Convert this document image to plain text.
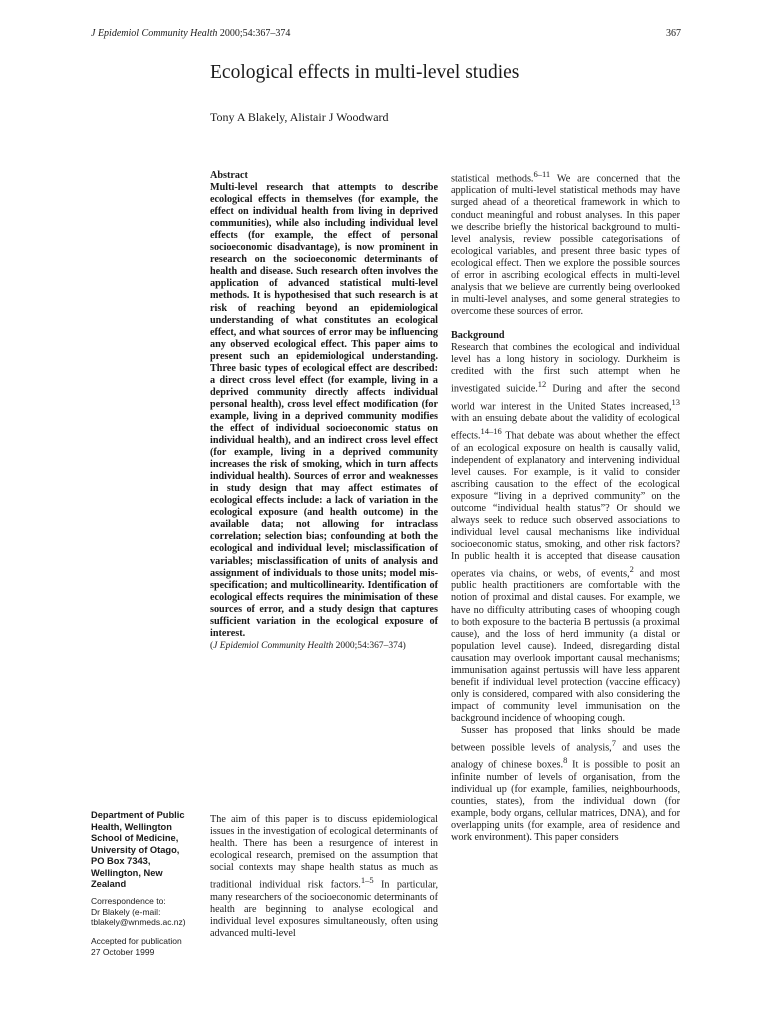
J Epidemiol Community Health 2000;54:367–374	367
Ecological effects in multi-level studies
Tony A Blakely, Alistair J Woodward

Abstract

Multi-level research that attempts to describe ecological effects in themselves (for example, the effect on individual health from living in deprived communities), while also including individual level effects (for example, the effect of personal socioeconomic disadvantage), is now prominent in research on the socioeconomic determinants of health and disease. Such research often involves the application of advanced statistical multi-level methods. It is hypothesised that such research is at risk of reaching beyond an epidemiological understanding of what constitutes an ecological effect, and what sources of error may be influencing any observed ecological effect. This paper aims to present such an epidemiological understanding. Three basic types of ecological effect are described: a direct cross level effect (for example, living in a deprived community directly affects individual personal health), cross level effect modification (for example, living in a deprived community modifies the effect of individual socioeconomic status on individual health), and an indirect cross level effect (for example, living in a deprived community increases the risk of smoking, which in turn affects individual health). Sources of error and weaknesses in study design that may affect estimates of ecological effects include: a lack of variation in the ecological exposure (and health outcome) in the available data; not allowing for intraclass correlation; selection bias; confounding at both the ecological and individual level; misclassification of variables; misclassification of units of analysis and assignment of individuals to those units; model mis-specification; and multicollinearity. Identification of ecological effects requires the minimisation of these sources of error, and a study design that captures sufficient variation in the ecological exposure of interest.

(J Epidemiol Community Health 2000;54:367–374)

Department of Public
Health, Wellington
School of Medicine,
University of Otago,
PO Box 7343,
Wellington, New
Zealand
Correspondence to:
Dr Blakely (e-mail:
tblakely@wnmeds.ac.nz)
Accepted for publication
27 October 1999

The aim of this paper is to discuss epidemiological issues in the investigation of ecological determinants of health. There has been a resurgence of interest in ecological research, premised on the assumption that social contexts may shape health status as much as traditional individual risk factors.$^{1-5}$ In particular, many researchers of the socioeconomic determinants of health are beginning to analyse ecological and individual level exposures simultaneously, often using advanced multi-level

statistical methods.$^{6-11}$ We are concerned that the application of multi-level statistical methods may have surged ahead of a theoretical framework in which to conduct meaningful and robust analyses. In this paper we describe briefly the historical background to multi-level analysis, review possible categorisations of ecological variables, and present three basic types of ecological effect. Then we explore the possible sources of error in ascribing ecological effects in multi-level analysis that we believe are currently being overlooked in multi-level analyses, and some general strategies to overcome these sources of error.

Background

Research that combines the ecological and individual level has a long history in sociology. Durkheim is credited with the first such attempt when he investigated suicide.$^{12}$ During and after the second world war interest in the United States increased,$^{13}$ with an ensuing debate about the validity of ecological effects.$^{14-16}$ That debate was about whether the effect of an ecological exposure on health is causally valid, independent of explanatory and intervening individual level causes. For example, is it valid to consider ascribing causation to the effect of the ecological exposure “living in a deprived community” on the outcome “individual health status”? Or should we always seek to reduce such observed associations to individual level causal mechanisms like individual socioeconomic status, smoking, and other risk factors? In public health it is accepted that disease causation operates via chains, or webs, of events,$^2$ and most public health practitioners are comfortable with the notion of proximal and distal causes. For example, we have no difficulty attributing cases of whooping cough to both exposure to the bacteria B pertussis (a proximal cause), and the loss of herd immunity (a distal or population level cause). Indeed, disregarding distal causation may overlook important causal mechanisms; immunisation against pertussis will have less apparent benefit if individual level protection (vaccine efficacy) only is considered, compared with also considering the impact of community level immunisation on the background incidence of whooping cough.

Susser has proposed that links should be made between possible levels of analysis,$^7$ and uses the analogy of chinese boxes.$^8$ It is possible to posit an infinite number of levels of organisation, from the individual up (for example, families, neighbourhoods, counties, states), from the individual down (for example, body organs, cellular matrices, DNA), and for overlapping units (for example, area of residence and work environment). This paper considers
